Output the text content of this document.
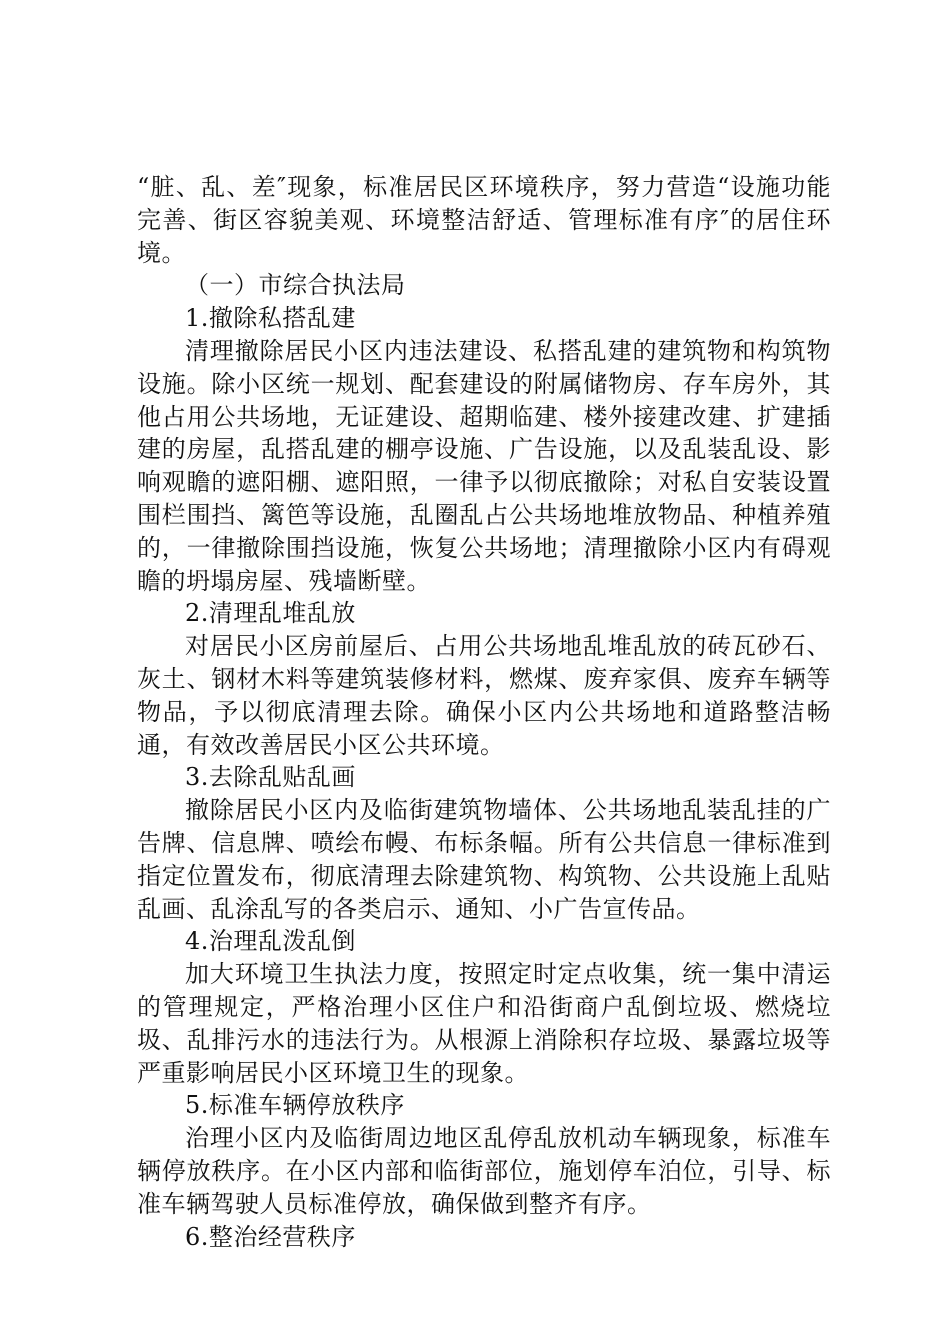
“脏、乱、差″现象，标准居民区环境秩序，努力营造“设施功能完善、街区容貌美观、环境整洁舒适、管理标准有序″的居住环境。

（一）市综合执法局

1.撤除私搭乱建

清理撤除居民小区内违法建设、私搭乱建的建筑物和构筑物设施。除小区统一规划、配套建设的附属储物房、存车房外，其他占用公共场地，无证建设、超期临建、楼外接建改建、扩建插建的房屋，乱搭乱建的棚亭设施、广告设施，以及乱装乱设、影响观瞻的遮阳棚、遮阳照，一律予以彻底撤除；对私自安装设置围栏围挡、篱笆等设施，乱圈乱占公共场地堆放物品、种植养殖的，一律撤除围挡设施，恢复公共场地；清理撤除小区内有碍观瞻的坍塌房屋、残墙断壁。

2.清理乱堆乱放

对居民小区房前屋后、占用公共场地乱堆乱放的砖瓦砂石、灰土、钢材木料等建筑装修材料，燃煤、废弃家俱、废弃车辆等物品，予以彻底清理去除。确保小区内公共场地和道路整洁畅通，有效改善居民小区公共环境。

3.去除乱贴乱画

撤除居民小区内及临街建筑物墙体、公共场地乱装乱挂的广告牌、信息牌、喷绘布幔、布标条幅。所有公共信息一律标准到指定位置发布，彻底清理去除建筑物、构筑物、公共设施上乱贴乱画、乱涂乱写的各类启示、通知、小广告宣传品。

4.治理乱泼乱倒

加大环境卫生执法力度，按照定时定点收集，统一集中清运的管理规定，严格治理小区住户和沿街商户乱倒垃圾、燃烧垃圾、乱排污水的违法行为。从根源上消除积存垃圾、暴露垃圾等严重影响居民小区环境卫生的现象。

5.标准车辆停放秩序

治理小区内及临街周边地区乱停乱放机动车辆现象，标准车辆停放秩序。在小区内部和临街部位，施划停车泊位，引导、标准车辆驾驶人员标准停放，确保做到整齐有序。

6.整治经营秩序
